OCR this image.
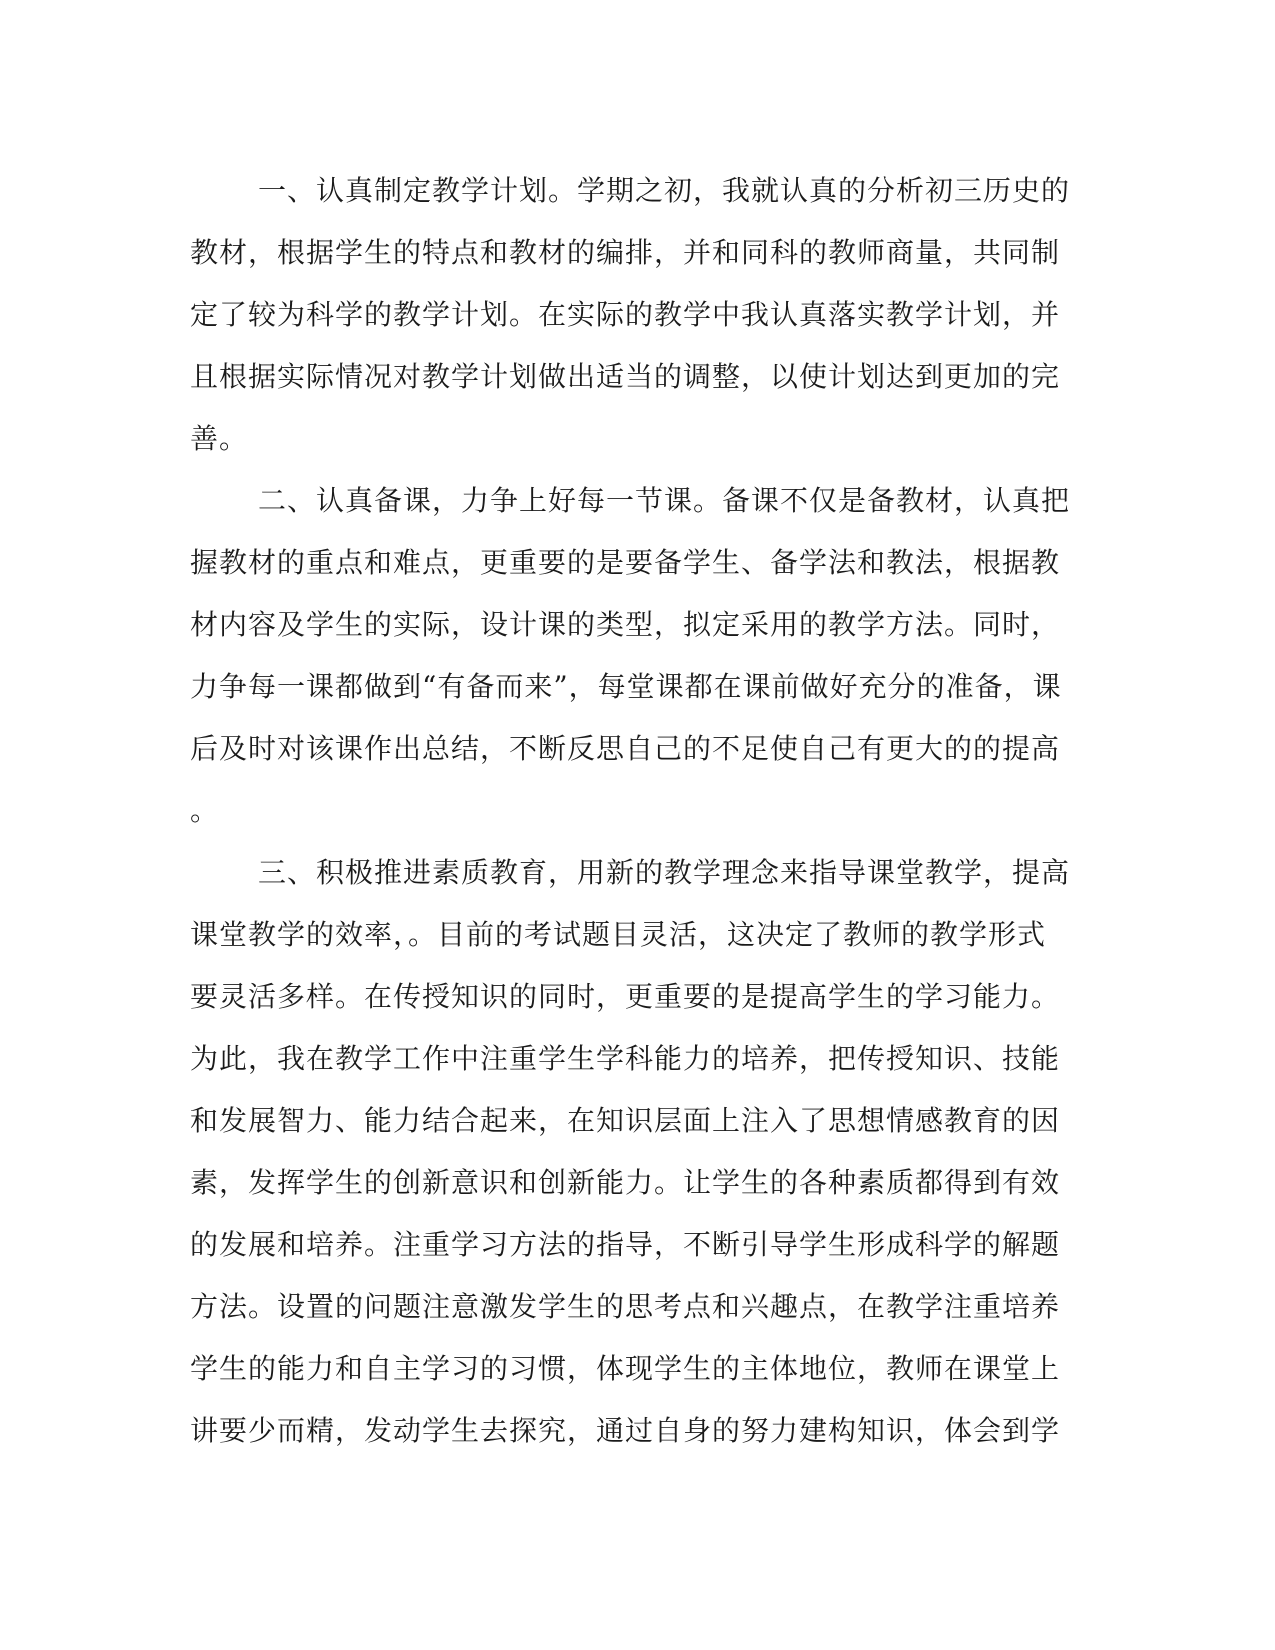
一、认真制定教学计划。学期之初，我就认真的分析初三历史的
教材，根据学生的特点和教材的编排，并和同科的教师商量，共同制
定了较为科学的教学计划。在实际的教学中我认真落实教学计划，并
且根据实际情况对教学计划做出适当的调整，以使计划达到更加的完
善。
二、认真备课，力争上好每一节课。备课不仅是备教材，认真把
握教材的重点和难点，更重要的是要备学生、备学法和教法，根据教
材内容及学生的实际，设计课的类型，拟定采用的教学方法。同时，
力争每一课都做到“有备而来”，每堂课都在课前做好充分的准备，课
后及时对该课作出总结，不断反思自己的不足使自己有更大的的提高
。
三、积极推进素质教育，用新的教学理念来指导课堂教学，提高
课堂教学的效率，。目前的考试题目灵活，这决定了教师的教学形式
要灵活多样。在传授知识的同时，更重要的是提高学生的学习能力。
为此，我在教学工作中注重学生学科能力的培养，把传授知识、技能
和发展智力、能力结合起来，在知识层面上注入了思想情感教育的因
素，发挥学生的创新意识和创新能力。让学生的各种素质都得到有效
的发展和培养。注重学习方法的指导，不断引导学生形成科学的解题
方法。设置的问题注意激发学生的思考点和兴趣点，在教学注重培养
学生的能力和自主学习的习惯，体现学生的主体地位，教师在课堂上
讲要少而精，发动学生去探究，通过自身的努力建构知识，体会到学
